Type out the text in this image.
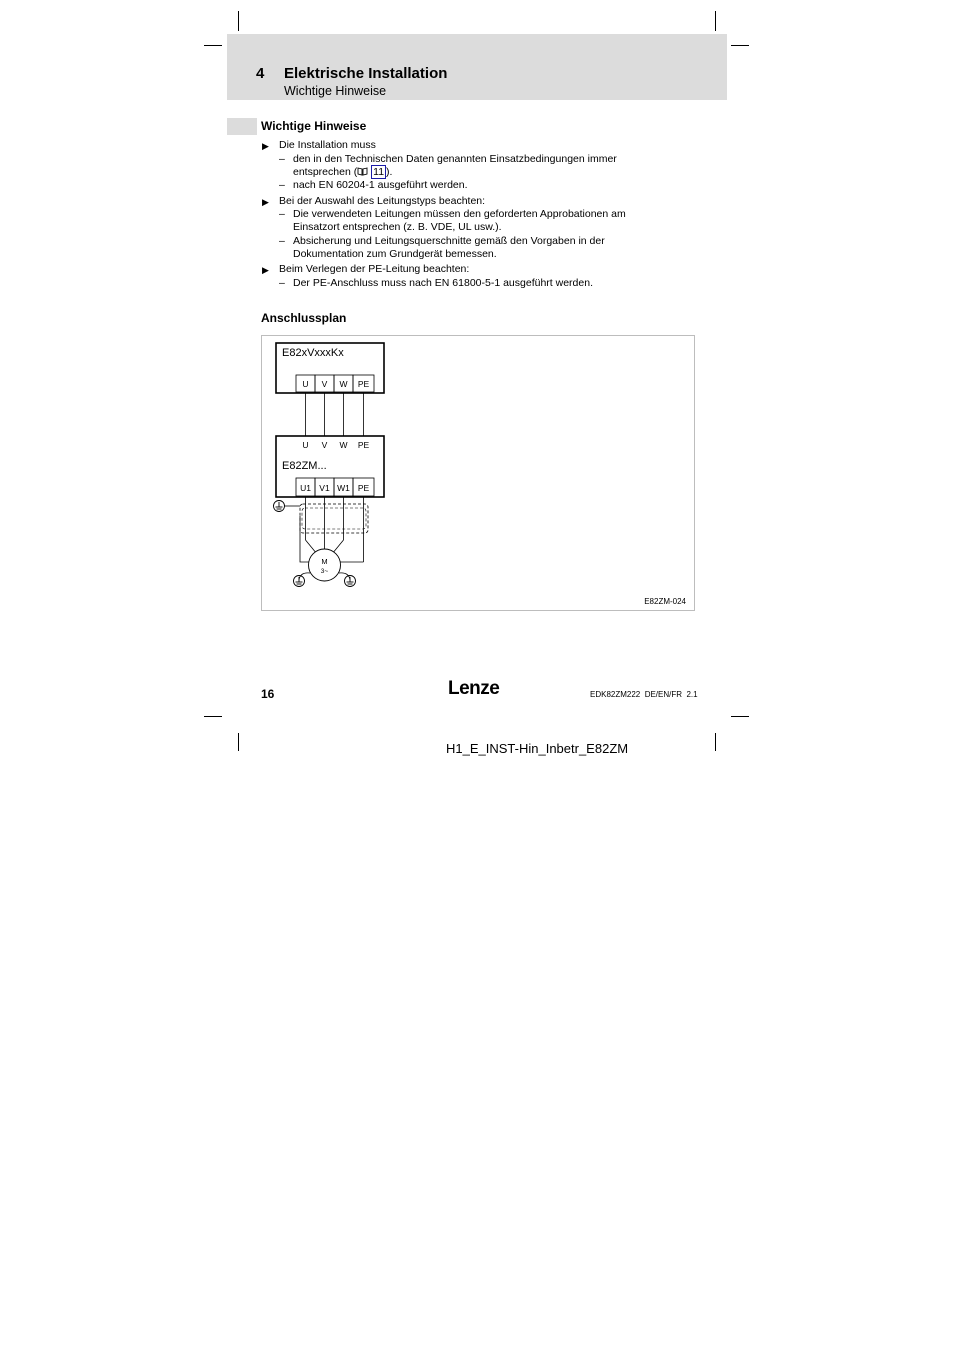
4 Elektrische Installation
Wichtige Hinweise
Wichtige Hinweise
▶ Die Installation muss
– den in den Technischen Daten genannten Einsatzbedingungen immer
entsprechen ( 11 ).
– nach EN 60204-1 ausgeführt werden.
▶ Bei der Auswahl des Leitungstyps beachten:
– Die verwendeten Leitungen müssen den geforderten Approbationen am
Einsatzort entsprechen (z. B. VDE, UL usw.).
– Absicherung und Leitungsquerschnitte gemäß den Vorgaben in der
Dokumentation zum Grundgerät bemessen.
▶ Beim Verlegen der PE-Leitung beachten:
– Der PE-Anschluss muss nach EN 61800-5-1 ausgeführt werden.
Anschlussplan
E82xVxxxKx
U V W PE
U V W PE
E82ZM...
U1 V1 W1 PE
M
3~
E82ZM-024
16	Lenze	EDK82ZM222  DE/EN/FR  2.1
H1_E_INST-Hin_Inbetr_E82ZM
